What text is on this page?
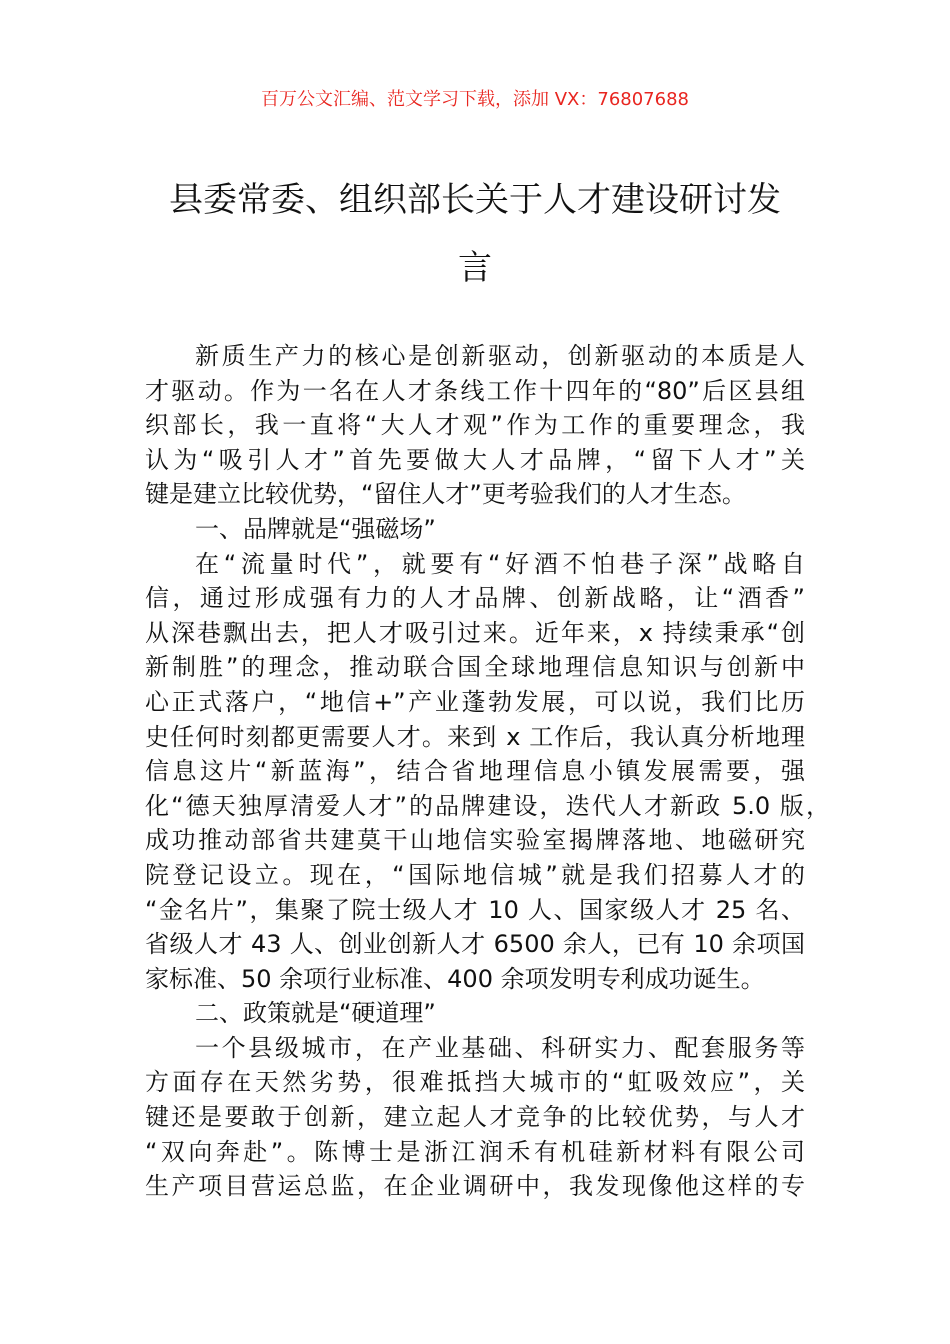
百万公文汇编、范文学习下载，添加 VX：76807688
县委常委、组织部长关于人才建设研讨发
言
新质生产力的核心是创新驱动，创新驱动的本质是人
才驱动。作为一名在人才条线工作十四年的“80”后区县组
织部长，我一直将“大人才观”作为工作的重要理念，我
认为“吸引人才”首先要做大人才品牌，“留下人才”关
键是建立比较优势，“留住人才”更考验我们的人才生态。
一、品牌就是“强磁场”
在“流量时代”，就要有“好酒不怕巷子深”战略自
信，通过形成强有力的人才品牌、创新战略，让“酒香”
从深巷飘出去，把人才吸引过来。近年来，x 持续秉承“创
新制胜”的理念，推动联合国全球地理信息知识与创新中
心正式落户，“地信+”产业蓬勃发展，可以说，我们比历
史任何时刻都更需要人才。来到 x 工作后，我认真分析地理
信息这片“新蓝海”，结合省地理信息小镇发展需要，强
化“德天独厚清爱人才”的品牌建设，迭代人才新政 5.0 版，
成功推动部省共建莫干山地信实验室揭牌落地、地磁研究
院登记设立。现在，“国际地信城”就是我们招募人才的
“金名片”，集聚了院士级人才 10 人、国家级人才 25 名、
省级人才 43 人、创业创新人才 6500 余人，已有 10 余项国
家标准、50 余项行业标准、400 余项发明专利成功诞生。
二、政策就是“硬道理”
一个县级城市，在产业基础、科研实力、配套服务等
方面存在天然劣势，很难抵挡大城市的“虹吸效应”，关
键还是要敢于创新，建立起人才竞争的比较优势，与人才
“双向奔赴”。陈博士是浙江润禾有机硅新材料有限公司
生产项目营运总监，在企业调研中，我发现像他这样的专
